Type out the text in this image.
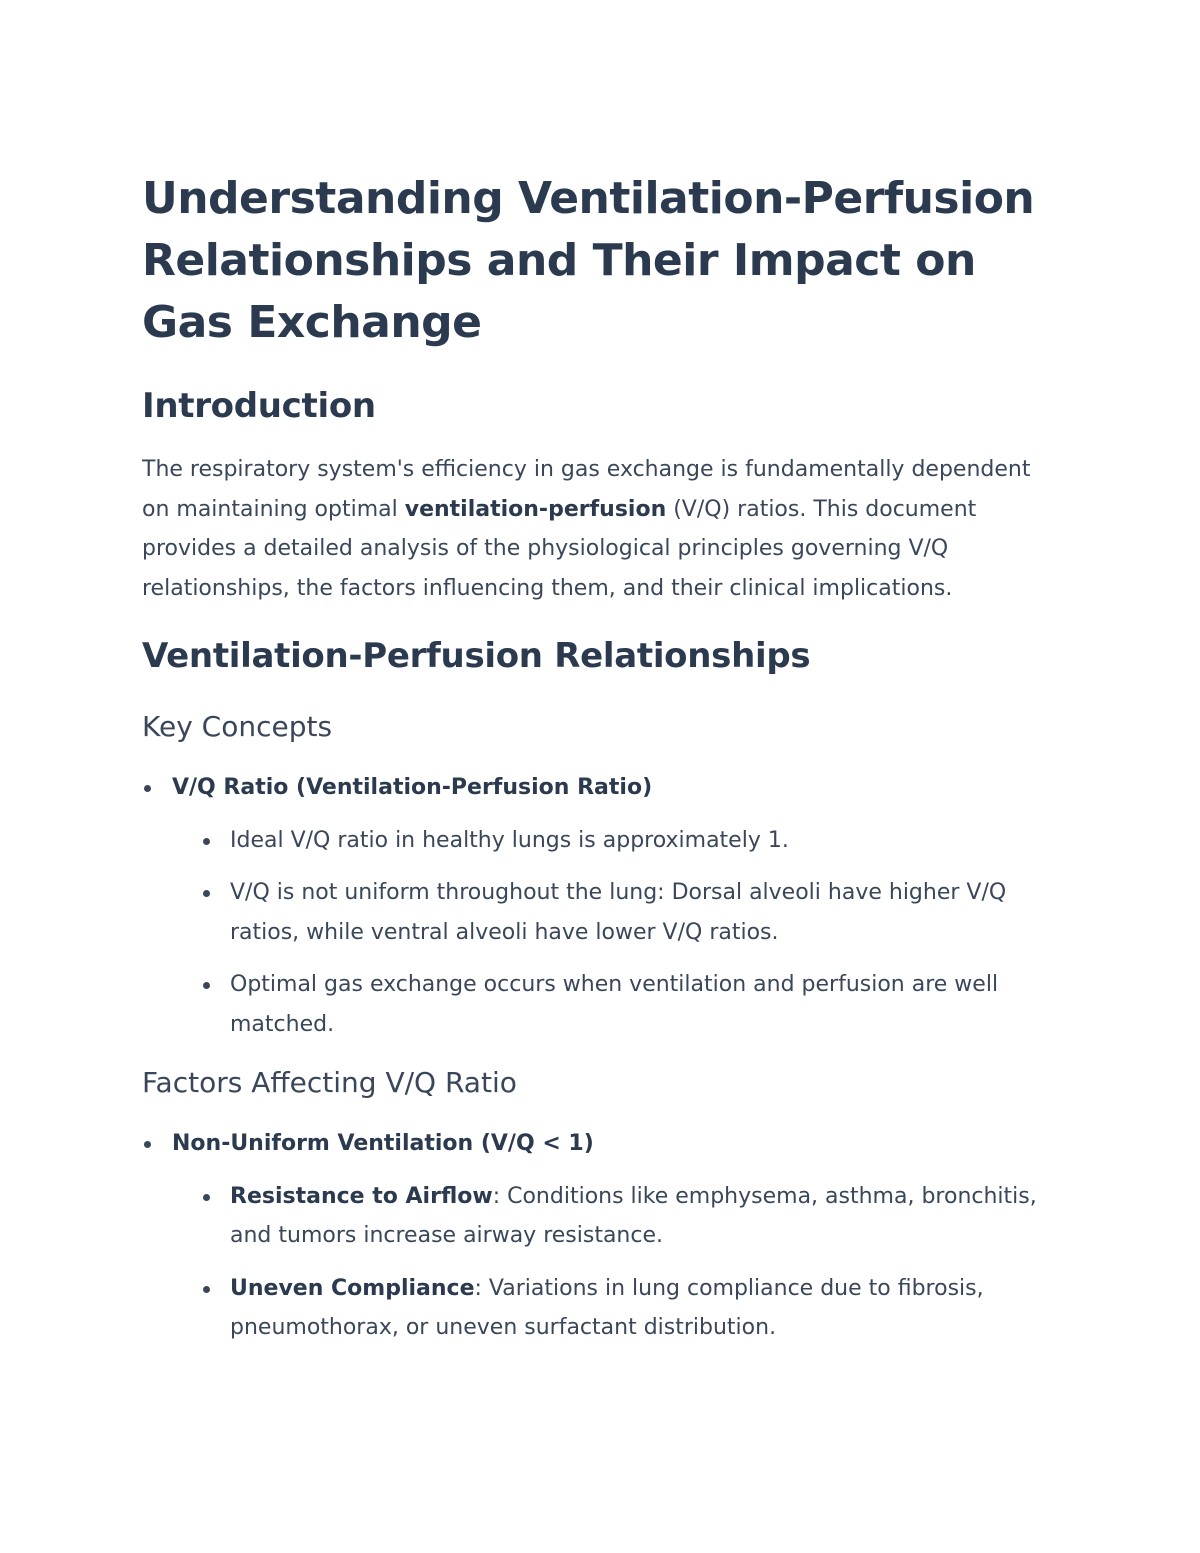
Understanding Ventilation-Perfusion Relationships and Their Impact on Gas Exchange
Introduction

The respiratory system's efficiency in gas exchange is fundamentally dependent on maintaining optimal ventilation-perfusion (V/Q) ratios. This document provides a detailed analysis of the physiological principles governing V/Q relationships, the factors influencing them, and their clinical implications.

Ventilation-Perfusion Relationships
Key Concepts
V/Q Ratio (Ventilation-Perfusion Ratio)
Ideal V/Q ratio in healthy lungs is approximately 1.
V/Q is not uniform throughout the lung: Dorsal alveoli have higher V/Q ratios, while ventral alveoli have lower V/Q ratios.
Optimal gas exchange occurs when ventilation and perfusion are well matched.
Factors Affecting V/Q Ratio
Non-Uniform Ventilation (V/Q < 1)
Resistance to Airflow: Conditions like emphysema, asthma, bronchitis, and tumors increase airway resistance.
Uneven Compliance: Variations in lung compliance due to fibrosis, pneumothorax, or uneven surfactant distribution.
